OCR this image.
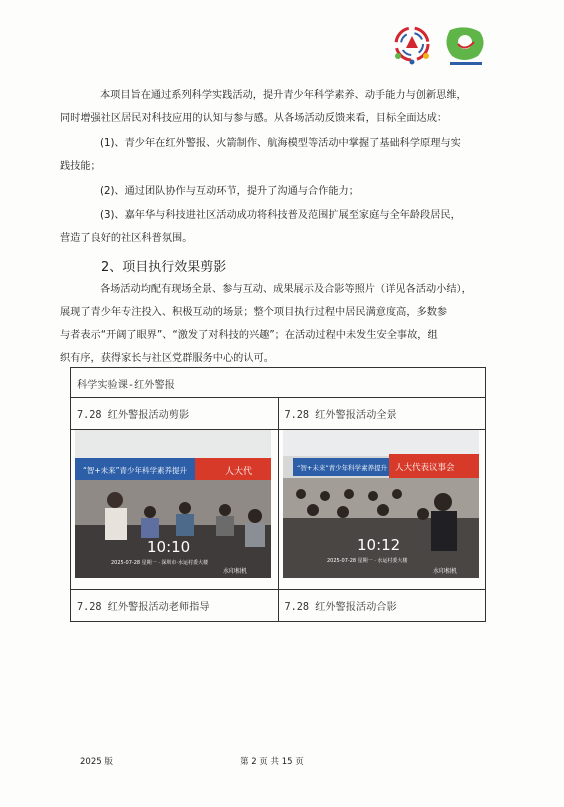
本项目旨在通过系列科学实践活动，提升青少年科学素养、动手能力与创新思维，
同时增强社区居民对科技应用的认知与参与感。从各场活动反馈来看，目标全面达成：

(1)、青少年在红外警报、火箭制作、航海模型等活动中掌握了基础科学原理与实
践技能；

(2)、通过团队协作与互动环节，提升了沟通与合作能力；

(3)、嘉年华与科技进社区活动成功将科技普及范围扩展至家庭与全年龄段居民，
营造了良好的社区科普氛围。

2、项目执行效果剪影

各场活动均配有现场全景、参与互动、成果展示及合影等照片（详见各活动小结），
展现了青少年专注投入、积极互动的场景；整个项目执行过程中居民满意度高，多数参
与者表示“开阔了眼界”、“激发了对科技的兴趣”；在活动过程中未发生安全事故，组
织有序，获得家长与社区党群服务中心的认可。

科学实验课-红外警报	
7.28 红外警报活动剪影	7.28 红外警报活动全景

“智+未来”青少年科学素养提升 人大代
10:10
2025-07-28 星期一 · 深圳市·水运村委大楼
水印相机	“智+未来”青少年科学素养提升 人大代表议事会
10:12
2025-07-28 星期一 · 水运村委大楼
水印相机

7.28 红外警报活动老师指导	7.28 红外警报活动合影
2025 版	第 2 页 共 15 页
